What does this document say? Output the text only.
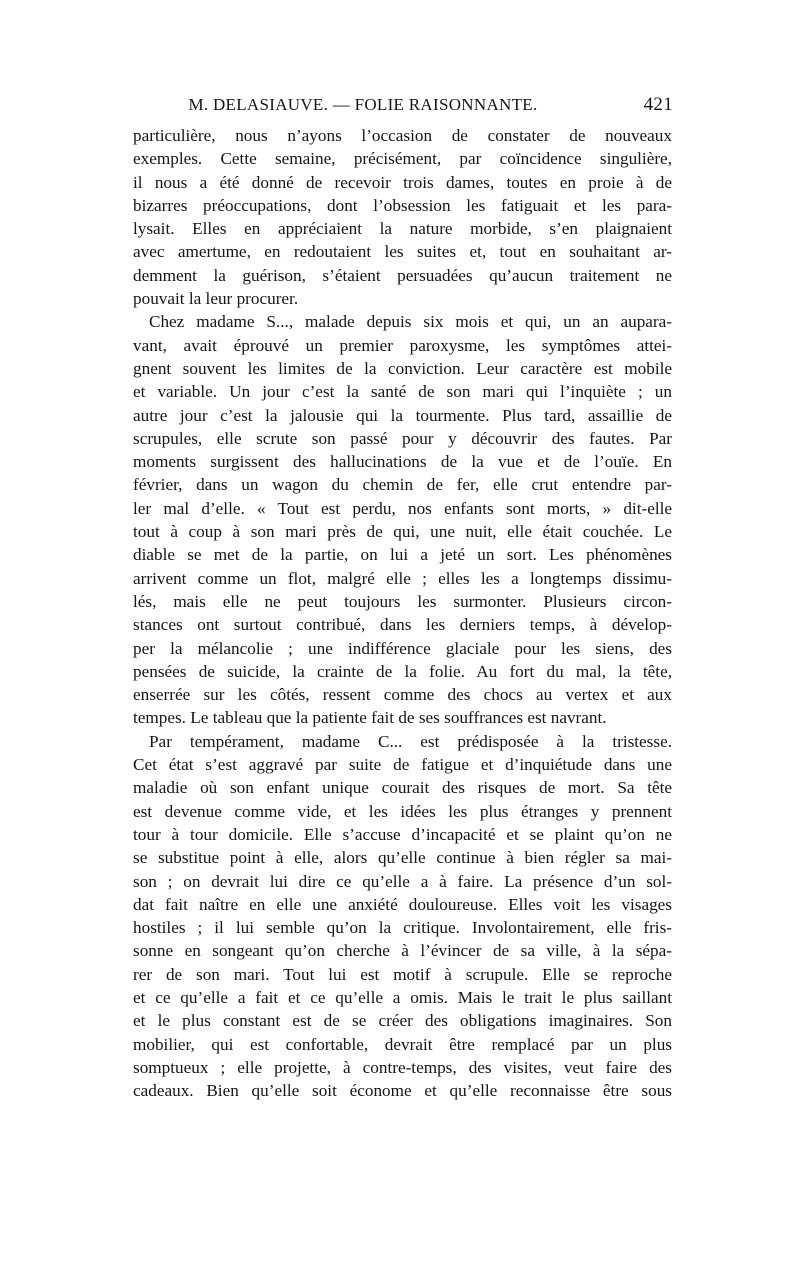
M. DELASIAUVE. — FOLIE RAISONNANTE.	421
particulière, nous n’ayons l’occasion de constater de nouveaux
exemples. Cette semaine, précisément, par coïncidence singulière,
il nous a été donné de recevoir trois dames, toutes en proie à de
bizarres préoccupations, dont l’obsession les fatiguait et les para-
lysait. Elles en appréciaient la nature morbide, s’en plaignaient
avec amertume, en redoutaient les suites et, tout en souhaitant ar-
demment la guérison, s’étaient persuadées qu’aucun traitement ne
pouvait la leur procurer.
Chez madame S..., malade depuis six mois et qui, un an aupara-
vant, avait éprouvé un premier paroxysme, les symptômes attei-
gnent souvent les limites de la conviction. Leur caractère est mobile
et variable. Un jour c’est la santé de son mari qui l’inquiète ; un
autre jour c’est la jalousie qui la tourmente. Plus tard, assaillie de
scrupules, elle scrute son passé pour y découvrir des fautes. Par
moments surgissent des hallucinations de la vue et de l’ouïe. En
février, dans un wagon du chemin de fer, elle crut entendre par-
ler mal d’elle. « Tout est perdu, nos enfants sont morts, » dit-elle
tout à coup à son mari près de qui, une nuit, elle était couchée. Le
diable se met de la partie, on lui a jeté un sort. Les phénomènes
arrivent comme un flot, malgré elle ; elles les a longtemps dissimu-
lés, mais elle ne peut toujours les surmonter. Plusieurs circon-
stances ont surtout contribué, dans les derniers temps, à dévelop-
per la mélancolie ; une indifférence glaciale pour les siens, des
pensées de suicide, la crainte de la folie. Au fort du mal, la tête,
enserrée sur les côtés, ressent comme des chocs au vertex et aux
tempes. Le tableau que la patiente fait de ses souffrances est navrant.
Par tempérament, madame C... est prédisposée à la tristesse.
Cet état s’est aggravé par suite de fatigue et d’inquiétude dans une
maladie où son enfant unique courait des risques de mort. Sa tête
est devenue comme vide, et les idées les plus étranges y prennent
tour à tour domicile. Elle s’accuse d’incapacité et se plaint qu’on ne
se substitue point à elle, alors qu’elle continue à bien régler sa mai-
son ; on devrait lui dire ce qu’elle a à faire. La présence d’un sol-
dat fait naître en elle une anxiété douloureuse. Elles voit les visages
hostiles ; il lui semble qu’on la critique. Involontairement, elle fris-
sonne en songeant qu’on cherche à l’évincer de sa ville, à la sépa-
rer de son mari. Tout lui est motif à scrupule. Elle se reproche
et ce qu’elle a fait et ce qu’elle a omis. Mais le trait le plus saillant
et le plus constant est de se créer des obligations imaginaires. Son
mobilier, qui est confortable, devrait être remplacé par un plus
somptueux ; elle projette, à contre-temps, des visites, veut faire des
cadeaux. Bien qu’elle soit économe et qu’elle reconnaisse être sous
